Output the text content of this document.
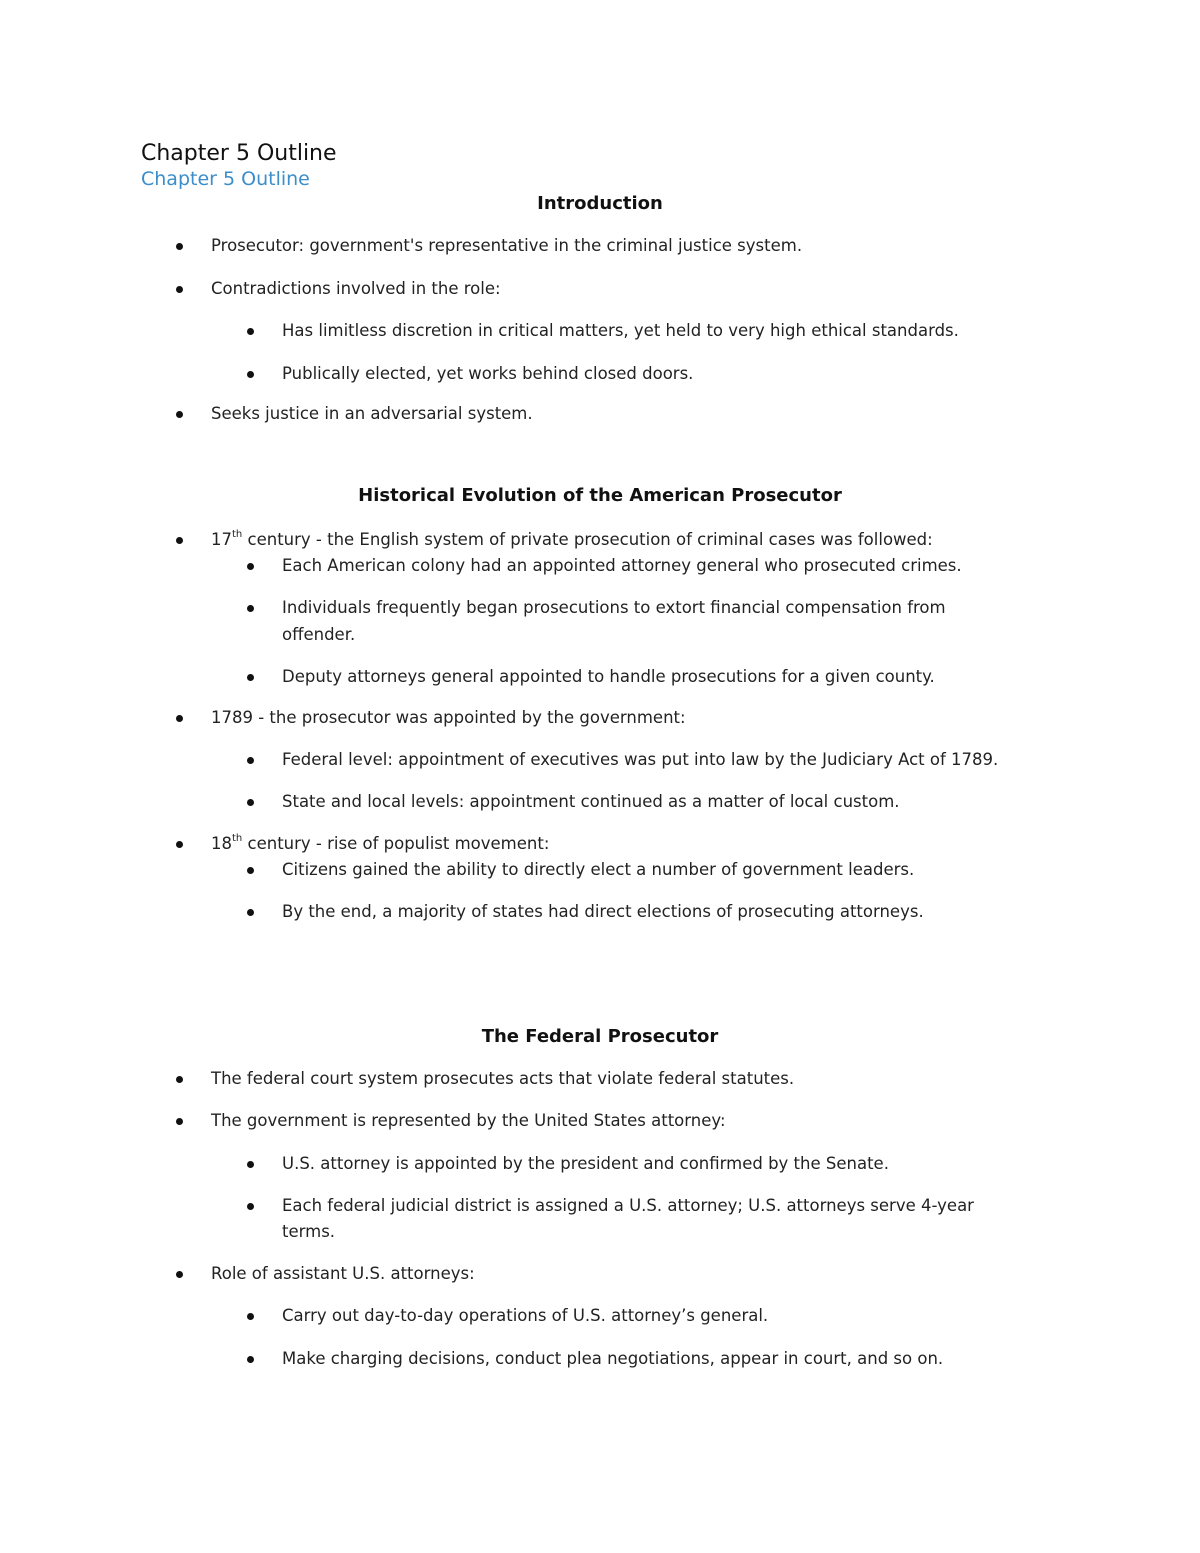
Chapter 5 Outline
Chapter 5 Outline
Introduction
Prosecutor: government's representative in the criminal justice system.
Contradictions involved in the role:
Has limitless discretion in critical matters, yet held to very high ethical standards.
Publically elected, yet works behind closed doors.
Seeks justice in an adversarial system.
Historical Evolution of the American Prosecutor
17th century - the English system of private prosecution of criminal cases was followed:
Each American colony had an appointed attorney general who prosecuted crimes.
Individuals frequently began prosecutions to extort financial compensation from
offender.
Deputy attorneys general appointed to handle prosecutions for a given county.
1789 - the prosecutor was appointed by the government:
Federal level: appointment of executives was put into law by the Judiciary Act of 1789.
State and local levels: appointment continued as a matter of local custom.
18th century - rise of populist movement:
Citizens gained the ability to directly elect a number of government leaders.
By the end, a majority of states had direct elections of prosecuting attorneys.
The Federal Prosecutor
The federal court system prosecutes acts that violate federal statutes.
The government is represented by the United States attorney:
U.S. attorney is appointed by the president and confirmed by the Senate.
Each federal judicial district is assigned a U.S. attorney; U.S. attorneys serve 4-year
terms.
Role of assistant U.S. attorneys:
Carry out day-to-day operations of U.S. attorney’s general.
Make charging decisions, conduct plea negotiations, appear in court, and so on.
